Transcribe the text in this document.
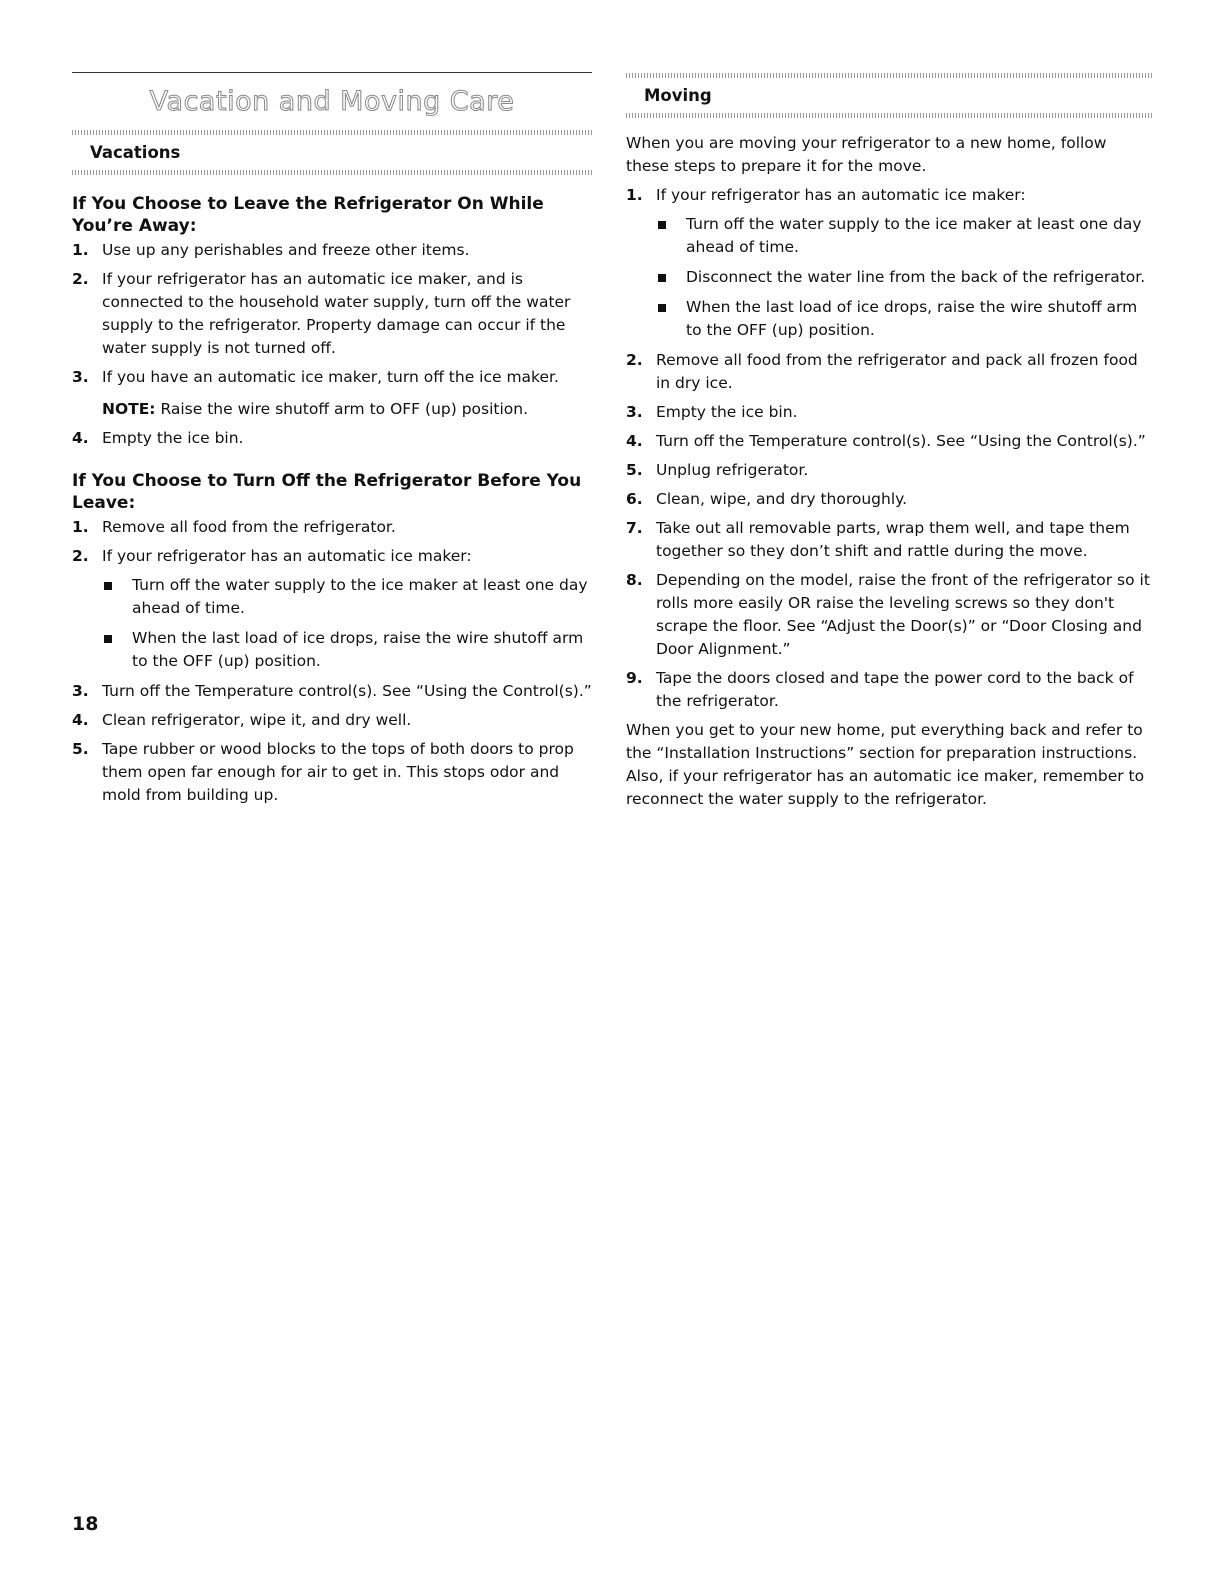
Vacation and Moving Care
Vacations
If You Choose to Leave the Refrigerator On While You’re Away:
1. Use up any perishables and freeze other items.
2. If your refrigerator has an automatic ice maker, and is connected to the household water supply, turn off the water supply to the refrigerator. Property damage can occur if the water supply is not turned off.
3. If you have an automatic ice maker, turn off the ice maker.
NOTE: Raise the wire shutoff arm to OFF (up) position.
4. Empty the ice bin.
If You Choose to Turn Off the Refrigerator Before You Leave:
1. Remove all food from the refrigerator.
2. If your refrigerator has an automatic ice maker:
Turn off the water supply to the ice maker at least one day ahead of time.
When the last load of ice drops, raise the wire shutoff arm to the OFF (up) position.
3. Turn off the Temperature control(s). See “Using the Control(s).”
4. Clean refrigerator, wipe it, and dry well.
5. Tape rubber or wood blocks to the tops of both doors to prop them open far enough for air to get in. This stops odor and mold from building up.
Moving

When you are moving your refrigerator to a new home, follow these steps to prepare it for the move.

1. If your refrigerator has an automatic ice maker:
Turn off the water supply to the ice maker at least one day ahead of time.
Disconnect the water line from the back of the refrigerator.
When the last load of ice drops, raise the wire shutoff arm to the OFF (up) position.
2. Remove all food from the refrigerator and pack all frozen food in dry ice.
3. Empty the ice bin.
4. Turn off the Temperature control(s). See “Using the Control(s).”
5. Unplug refrigerator.
6. Clean, wipe, and dry thoroughly.
7. Take out all removable parts, wrap them well, and tape them together so they don’t shift and rattle during the move.
8. Depending on the model, raise the front of the refrigerator so it rolls more easily OR raise the leveling screws so they don't scrape the floor. See “Adjust the Door(s)” or “Door Closing and Door Alignment.”
9. Tape the doors closed and tape the power cord to the back of the refrigerator.

When you get to your new home, put everything back and refer to the “Installation Instructions” section for preparation instructions. Also, if your refrigerator has an automatic ice maker, remember to reconnect the water supply to the refrigerator.

18
